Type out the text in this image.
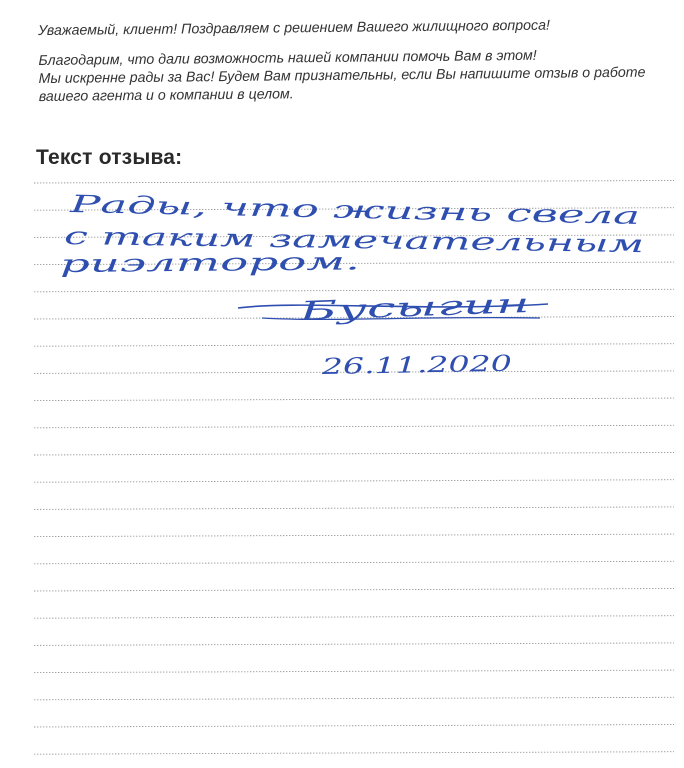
Уважаемый, клиент! Поздравляем с решением Вашего жилищного вопроса!

Благодарим, что дали возможность нашей компании помочь Вам в этом!

Мы искренне рады за Вас! Будем Вам признательны, если Вы напишите отзыв о работе

вашего агента и о компании в целом.

Текст отзыва:
Рады, что жизнь свела
с таким замечательным
риэлтором.
Бусыгин
26.11.2020
